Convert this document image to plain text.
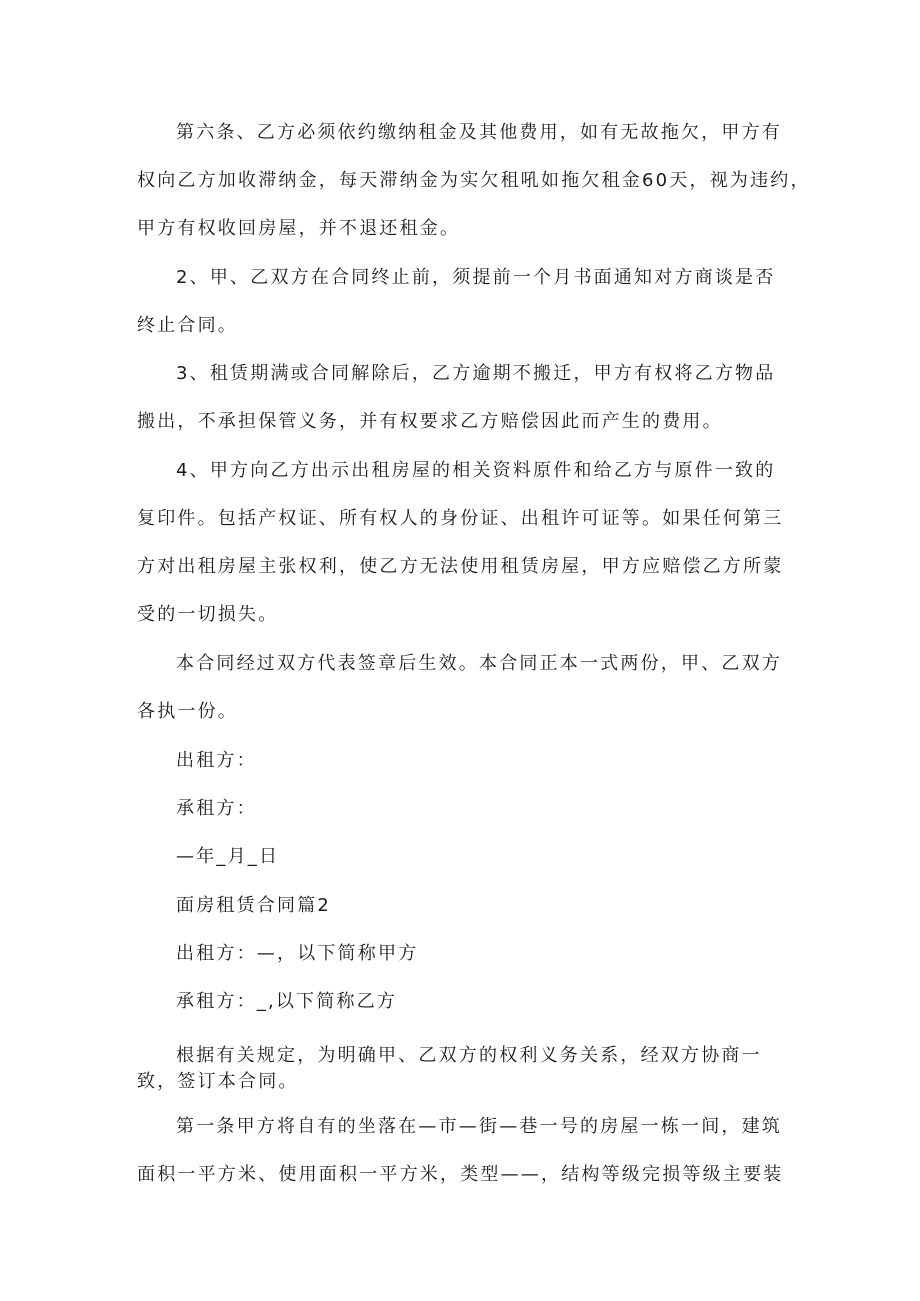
第六条、乙方必须依约缴纳租金及其他费用，如有无故拖欠，甲方有

权向乙方加收滞纳金，每天滞纳金为实欠租吼如拖欠租金60天，视为违约，

甲方有权收回房屋，并不退还租金。

2、甲、乙双方在合同终止前，须提前一个月书面通知对方商谈是否

终止合同。

3、租赁期满或合同解除后，乙方逾期不搬迁，甲方有权将乙方物品

搬出，不承担保管义务，并有权要求乙方赔偿因此而产生的费用。

4、甲方向乙方出示出租房屋的相关资料原件和给乙方与原件一致的

复印件。包括产权证、所有权人的身份证、出租许可证等。如果任何第三

方对出租房屋主张权利，使乙方无法使用租赁房屋，甲方应赔偿乙方所蒙

受的一切损失。

本合同经过双方代表签章后生效。本合同正本一式两份，甲、乙双方

各执一份。

出租方：

承租方：

—年_月_日

面房租赁合同篇2

出租方：—，以下简称甲方

承租方：_,以下简称乙方

根据有关规定，为明确甲、乙双方的权利义务关系，经双方协商一

致，签订本合同。

第一条甲方将自有的坐落在—市—街—巷一号的房屋一栋一间，建筑

面积一平方米、使用面积一平方米，类型——，结构等级完损等级主要装
